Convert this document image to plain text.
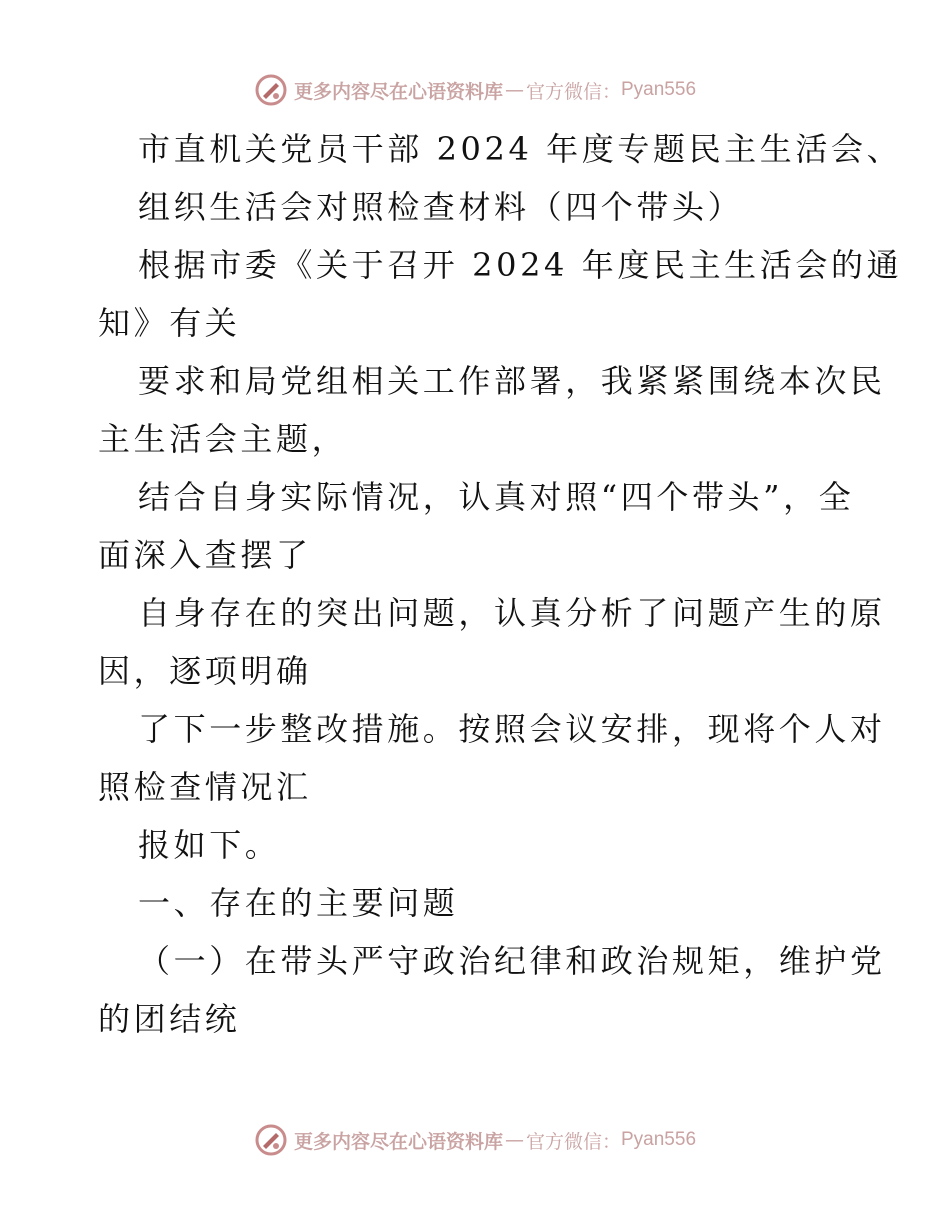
更多内容尽在心语资料库 — 官方微信： Pyan556

市直机关党员干部 2024 年度专题民主生活会、
组织生活会对照检查材料（四个带头）

根据市委《关于召开 2024 年度民主生活会的通
知》有关

要求和局党组相关工作部署，我紧紧围绕本次民
主生活会主题，

结合自身实际情况，认真对照“四个带头”，全
面深入查摆了

自身存在的突出问题，认真分析了问题产生的原
因，逐项明确

了下一步整改措施。按照会议安排，现将个人对
照检查情况汇

报如下。

一、存在的主要问题

（一）在带头严守政治纪律和政治规矩，维护党
的团结统

更多内容尽在心语资料库 — 官方微信： Pyan556
